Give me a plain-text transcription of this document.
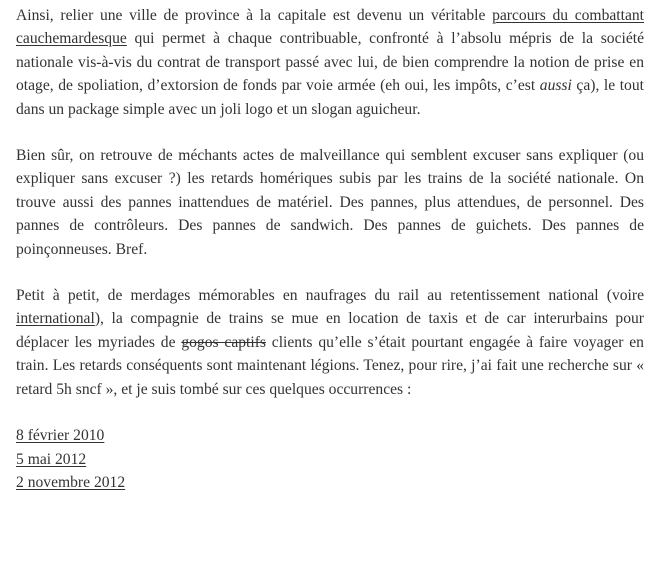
Ainsi, relier une ville de province à la capitale est devenu un véritable parcours du combattant cauchemardesque qui permet à chaque contribuable, confronté à l’absolu mépris de la société nationale vis-à-vis du contrat de transport passé avec lui, de bien comprendre la notion de prise en otage, de spoliation, d’extorsion de fonds par voie armée (eh oui, les impôts, c’est aussi ça), le tout dans un package simple avec un joli logo et un slogan aguicheur.

Bien sûr, on retrouve de méchants actes de malveillance qui semblent excuser sans expliquer (ou expliquer sans excuser ?) les retards homériques subis par les trains de la société nationale. On trouve aussi des pannes inattendues de matériel. Des pannes, plus attendues, de personnel. Des pannes de contrôleurs. Des pannes de sandwich. Des pannes de guichets. Des pannes de poinçonneuses. Bref.

Petit à petit, de merdages mémorables en naufrages du rail au retentissement national (voire international), la compagnie de trains se mue en location de taxis et de car interurbains pour déplacer les myriades de gogos captifs clients qu’elle s’était pourtant engagée à faire voyager en train. Les retards conséquents sont maintenant légions. Tenez, pour rire, j’ai fait une recherche sur « retard 5h sncf », et je suis tombé sur ces quelques occurrences :

8 février 2010
5 mai 2012
2 novembre 2012
